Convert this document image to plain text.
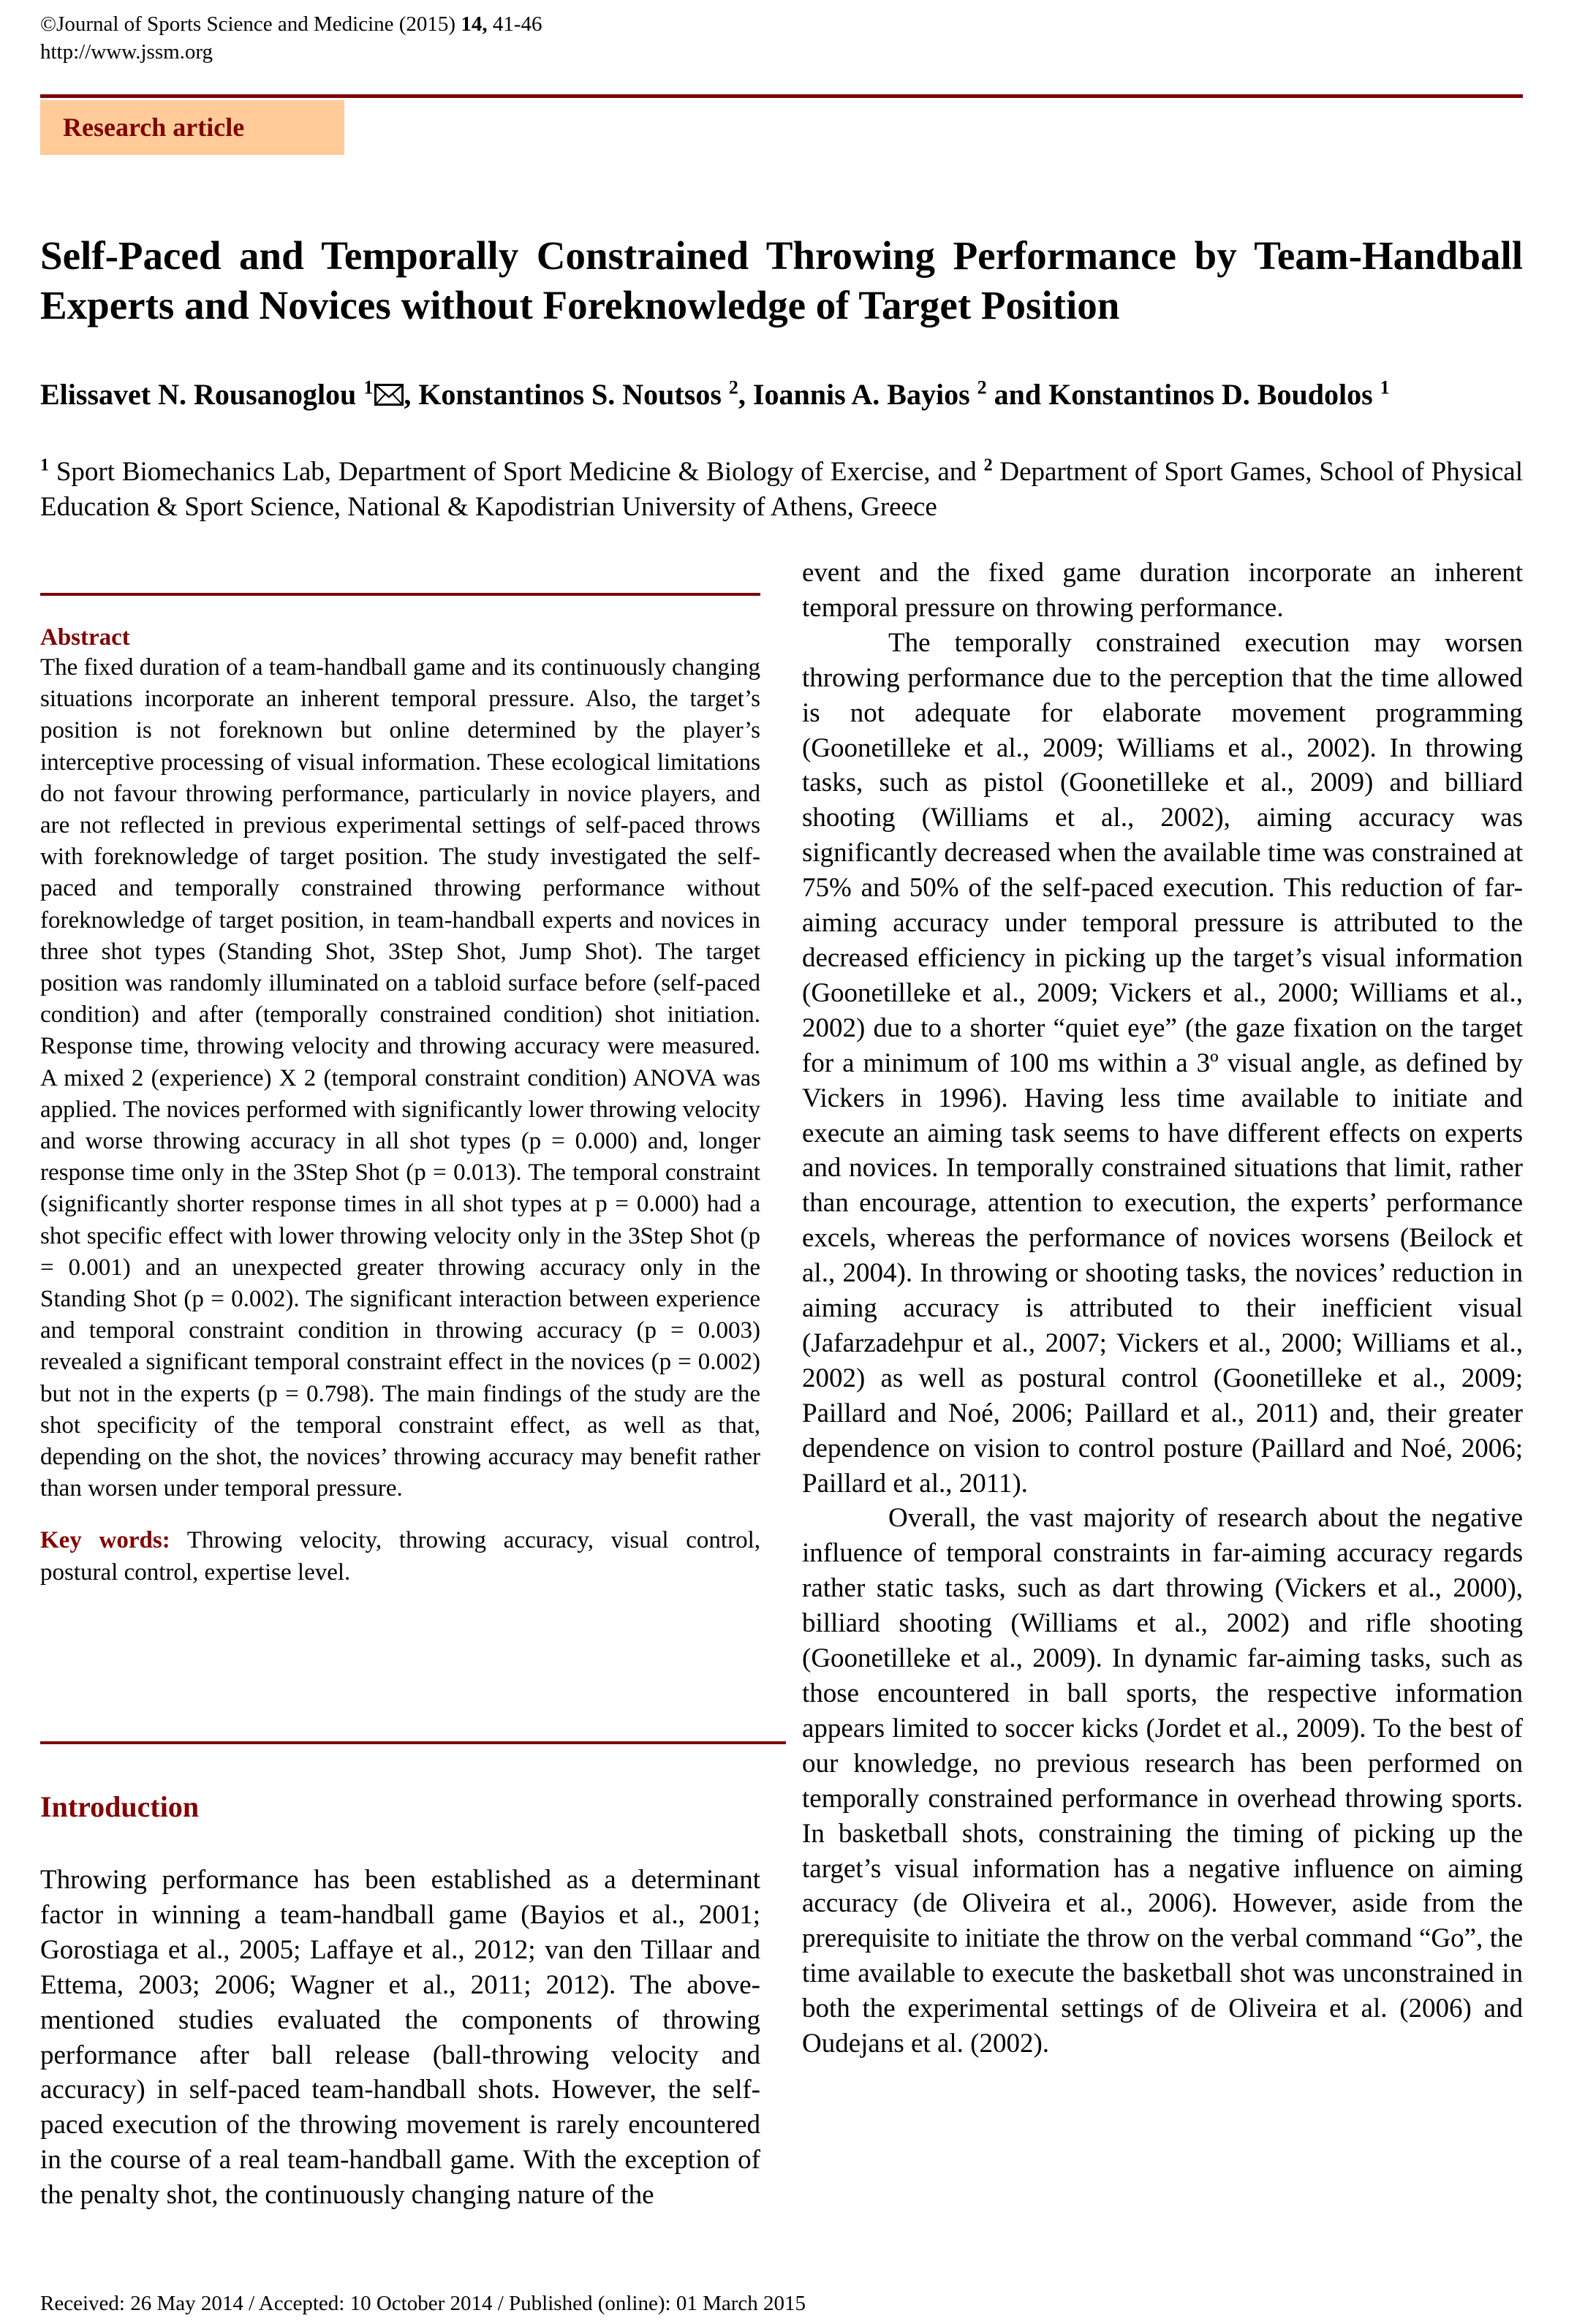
©Journal of Sports Science and Medicine (2015) 14, 41-46
http://www.jssm.org
Research article
Self-Paced and Temporally Constrained Throwing Performance by Team-Handball Experts and Novices without Foreknowledge of Target Position
Elissavet N. Rousanoglou $^1$ , Konstantinos S. Noutsos $^2$, Ioannis A. Bayios $^2$ and Konstantinos D. Boudolos $^1$
$^1$ Sport Biomechanics Lab, Department of Sport Medicine & Biology of Exercise, and $^2$ Department of Sport Games, School of Physical Education & Sport Science, National & Kapodistrian University of Athens, Greece
Abstract
The fixed duration of a team-handball game and its continuously changing situations incorporate an inherent temporal pressure. Also, the target’s position is not foreknown but online determined by the player’s interceptive processing of visual information. These ecological limitations do not favour throwing performance, particularly in novice players, and are not reflected in previous experimental settings of self-paced throws with foreknowledge of target position. The study investigated the self-paced and temporally constrained throwing performance without foreknowledge of target position, in team-handball experts and novices in three shot types (Standing Shot, 3Step Shot, Jump Shot). The target position was randomly illuminated on a tabloid surface before (self-paced condition) and after (temporally constrained condition) shot initiation. Response time, throwing velocity and throwing accuracy were measured. A mixed 2 (experience) X 2 (temporal constraint condition) ANOVA was applied. The novices performed with significantly lower throwing velocity and worse throwing accuracy in all shot types (p = 0.000) and, longer response time only in the 3Step Shot (p = 0.013). The temporal constraint (significantly shorter response times in all shot types at p = 0.000) had a shot specific effect with lower throwing velocity only in the 3Step Shot (p = 0.001) and an unexpected greater throwing accuracy only in the Standing Shot (p = 0.002). The significant interaction between experience and temporal constraint condition in throwing accuracy (p = 0.003) revealed a significant temporal constraint effect in the novices (p = 0.002) but not in the experts (p = 0.798). The main findings of the study are the shot specificity of the temporal constraint effect, as well as that, depending on the shot, the novices’ throwing accuracy may benefit rather than worsen under temporal pressure.
Key words: Throwing velocity, throwing accuracy, visual control, postural control, expertise level.
Introduction

Throwing performance has been established as a determinant factor in winning a team-handball game (Bayios et al., 2001; Gorostiaga et al., 2005; Laffaye et al., 2012; van den Tillaar and Ettema, 2003; 2006; Wagner et al., 2011; 2012). The above-mentioned studies evaluated the components of throwing performance after ball release (ball-throwing velocity and accuracy) in self-paced team-handball shots. However, the self-paced execution of the throwing movement is rarely encountered in the course of a real team-handball game. With the exception of the penalty shot, the continuously changing nature of the

event and the fixed game duration incorporate an inherent temporal pressure on throwing performance.

The temporally constrained execution may worsen throwing performance due to the perception that the time allowed is not adequate for elaborate movement programming (Goonetilleke et al., 2009; Williams et al., 2002). In throwing tasks, such as pistol (Goonetilleke et al., 2009) and billiard shooting (Williams et al., 2002), aiming accuracy was significantly decreased when the available time was constrained at 75% and 50% of the self-paced execution. This reduction of far-aiming accuracy under temporal pressure is attributed to the decreased efficiency in picking up the target’s visual information (Goonetilleke et al., 2009; Vickers et al., 2000; Williams et al., 2002) due to a shorter “quiet eye” (the gaze fixation on the target for a minimum of 100 ms within a 3º visual angle, as defined by Vickers in 1996). Having less time available to initiate and execute an aiming task seems to have different effects on experts and novices. In temporally constrained situations that limit, rather than encourage, attention to execution, the experts’ performance excels, whereas the performance of novices worsens (Beilock et al., 2004). In throwing or shooting tasks, the novices’ reduction in aiming accuracy is attributed to their inefficient visual (Jafarzadehpur et al., 2007; Vickers et al., 2000; Williams et al., 2002) as well as postural control (Goonetilleke et al., 2009; Paillard and Noé, 2006; Paillard et al., 2011) and, their greater dependence on vision to control posture (Paillard and Noé, 2006; Paillard et al., 2011).

Overall, the vast majority of research about the negative influence of temporal constraints in far-aiming accuracy regards rather static tasks, such as dart throwing (Vickers et al., 2000), billiard shooting (Williams et al., 2002) and rifle shooting (Goonetilleke et al., 2009). In dynamic far-aiming tasks, such as those encountered in ball sports, the respective information appears limited to soccer kicks (Jordet et al., 2009). To the best of our knowledge, no previous research has been performed on temporally constrained performance in overhead throwing sports. In basketball shots, constraining the timing of picking up the target’s visual information has a negative influence on aiming accuracy (de Oliveira et al., 2006). However, aside from the prerequisite to initiate the throw on the verbal command “Go”, the time available to execute the basketball shot was unconstrained in both the experimental settings of de Oliveira et al. (2006) and Oudejans et al. (2002).

Received: 26 May 2014 / Accepted: 10 October 2014 / Published (online): 01 March 2015
